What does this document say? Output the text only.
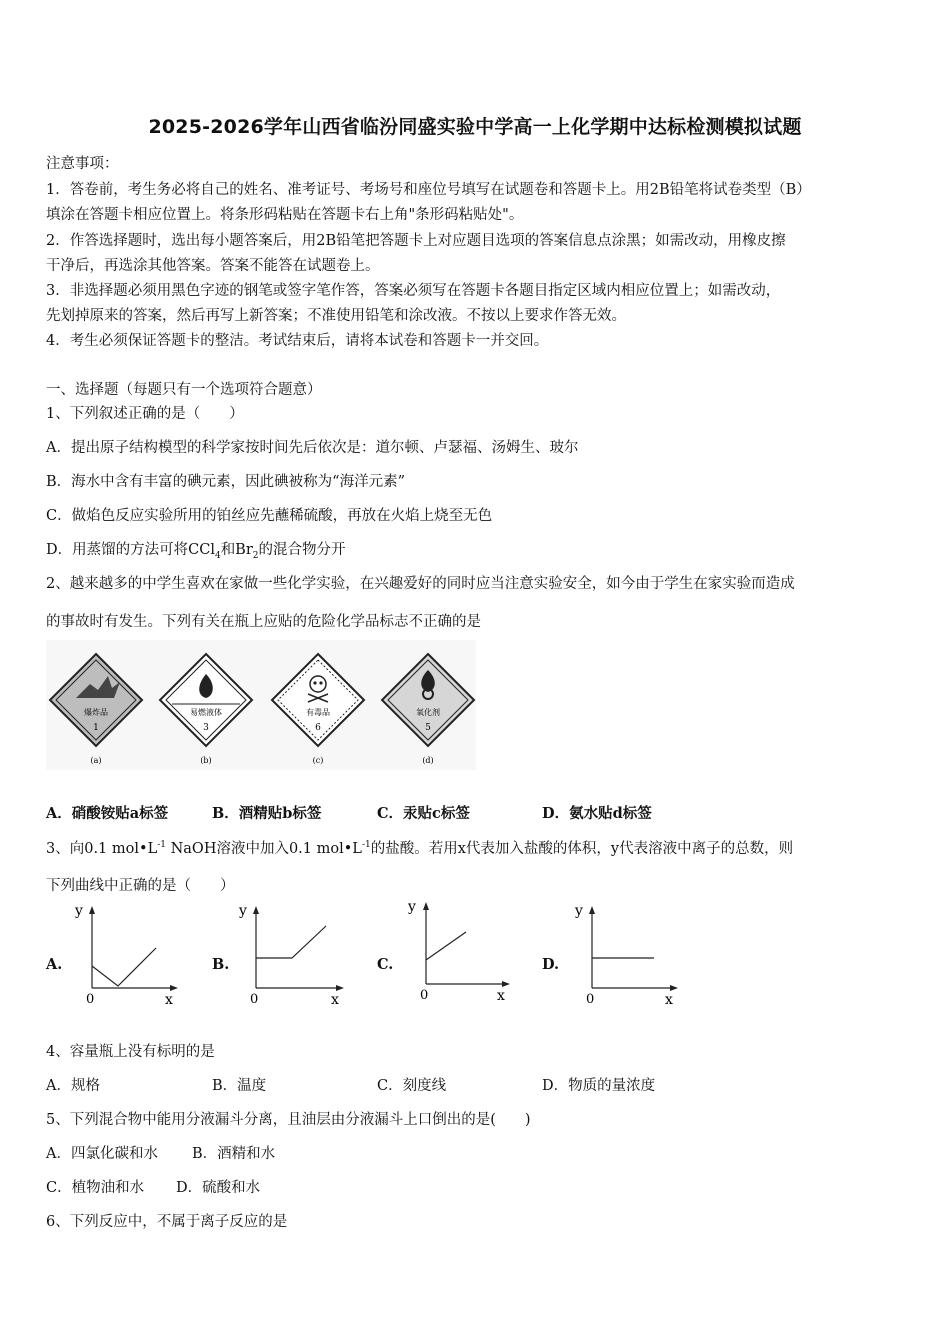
2025-2026学年山西省临汾同盛实验中学高一上化学期中达标检测模拟试题
注意事项：
1．答卷前，考生务必将自己的姓名、准考证号、考场号和座位号填写在试题卷和答题卡上。用2B铅笔将试卷类型（B）
填涂在答题卡相应位置上。将条形码粘贴在答题卡右上角"条形码粘贴处"。
2．作答选择题时，选出每小题答案后，用2B铅笔把答题卡上对应题目选项的答案信息点涂黑；如需改动，用橡皮擦
干净后，再选涂其他答案。答案不能答在试题卷上。
3．非选择题必须用黑色字迹的钢笔或签字笔作答，答案必须写在答题卡各题目指定区域内相应位置上；如需改动，
先划掉原来的答案，然后再写上新答案；不准使用铅笔和涂改液。不按以上要求作答无效。
4．考生必须保证答题卡的整洁。考试结束后，请将本试卷和答题卡一并交回。
一、选择题（每题只有一个选项符合题意）
1、下列叙述正确的是（　　）
A．提出原子结构模型的科学家按时间先后依次是：道尔顿、卢瑟福、汤姆生、玻尔
B．海水中含有丰富的碘元素，因此碘被称为“海洋元素”
C．做焰色反应实验所用的铂丝应先蘸稀硫酸，再放在火焰上烧至无色
D．用蒸馏的方法可将CCl$_4$和$Br_2$的混合物分开
2、越来越多的中学生喜欢在家做一些化学实验，在兴趣爱好的同时应当注意实验安全，如今由于学生在家实验而造成
的事故时有发生。下列有关在瓶上应贴的危险化学品标志不正确的是
爆炸品
1
(a)
易燃液体
3
(b)
有毒品
6
(c)
氧化剂
5
(d)
A．硝酸铵贴a标签	B．酒精贴b标签	C．汞贴c标签	D．氨水贴d标签
3、向0.1 $mol•L^{-1}$ NaOH溶液中加入0.1 $mol•L^{-1}$的盐酸。若用x代表加入盐酸的体积，y代表溶液中离子的总数，则
下列曲线中正确的是（　　）
A.
y
0	x
B.
y
0	x
C.
y
0	x
D.
y
0	x
4、容量瓶上没有标明的是
A．规格	B．温度	C．刻度线	D．物质的量浓度
5、下列混合物中能用分液漏斗分离，且油层由分液漏斗上口倒出的是(　　)
A．四氯化碳和水 B．酒精和水
C．植物油和水 D．硫酸和水
6、下列反应中，不属于离子反应的是
